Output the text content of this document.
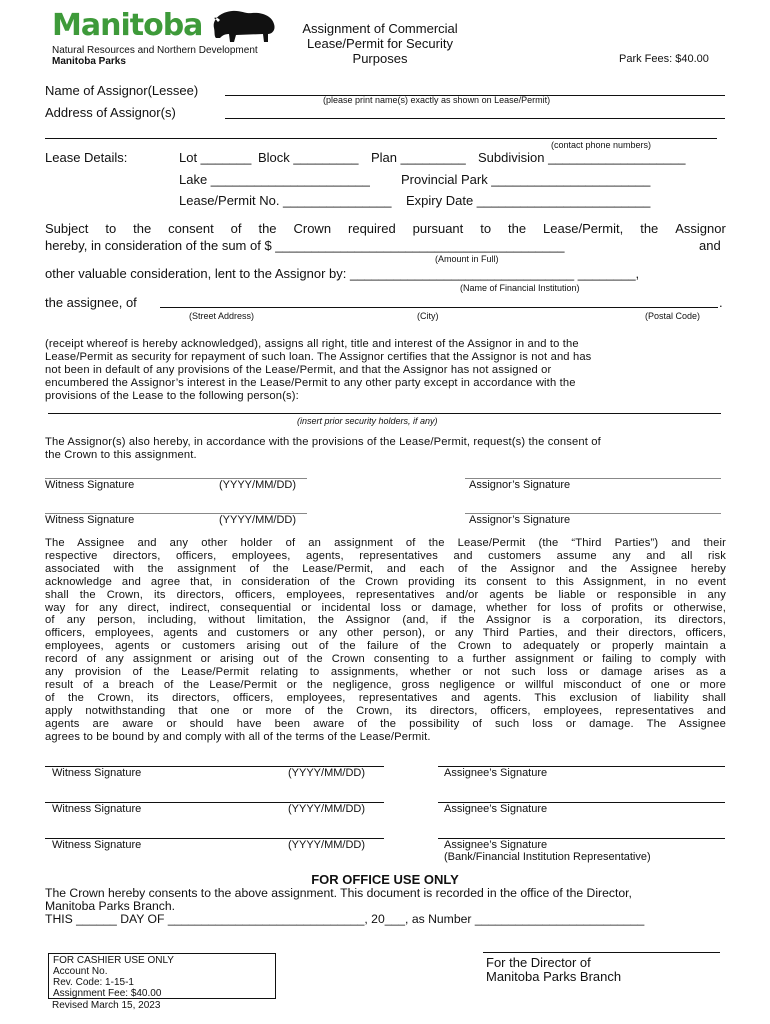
Manitoba
Natural Resources and Northern Development
Manitoba Parks
Assignment of Commercial
Lease/Permit for Security
Purposes	Park Fees: $40.00
Name of Assignor(Lessee)
(please print name(s) exactly as shown on Lease/Permit)
Address of Assignor(s)
(contact phone numbers)
Lease Details:	Lot _______ Block _________ Plan _________ Subdivision ___________________
Lake ______________________ Provincial Park ______________________
Lease/Permit No. _______________ Expiry Date ________________________
Subject to the consent of the Crown required pursuant to the Lease/Permit, the Assignor
hereby, in consideration of the sum of $ ________________________________________	and
(Amount in Full)
other valuable consideration, lent to the Assignor by: _______________________________ ________,
(Name of Financial Institution)
the assignee, of	.
(Street Address)	(City)	(Postal Code)
(receipt whereof is hereby acknowledged), assigns all right, title and interest of the Assignor in and to the
Lease/Permit as security for repayment of such loan. The Assignor certifies that the Assignor is not and has
not been in default of any provisions of the Lease/Permit, and that the Assignor has not assigned or
encumbered the Assignor’s interest in the Lease/Permit to any other party except in accordance with the
provisions of the Lease to the following person(s):
(insert prior security holders, if any)
The Assignor(s) also hereby, in accordance with the provisions of the Lease/Permit, request(s) the consent of
the Crown to this assignment.
Witness Signature	(YYYY/MM/DD)	Assignor’s Signature
Witness Signature	(YYYY/MM/DD)	Assignor’s Signature
The Assignee and any other holder of an assignment of the Lease/Permit (the “Third Parties”) and their
respective directors, officers, employees, agents, representatives and customers assume any and all risk
associated with the assignment of the Lease/Permit, and each of the Assignor and the Assignee hereby
acknowledge and agree that, in consideration of the Crown providing its consent to this Assignment, in no event
shall the Crown, its directors, officers, employees, representatives and/or agents be liable or responsible in any
way for any direct, indirect, consequential or incidental loss or damage, whether for loss of profits or otherwise,
of any person, including, without limitation, the Assignor (and, if the Assignor is a corporation, its directors,
officers, employees, agents and customers or any other person), or any Third Parties, and their directors, officers,
employees, agents or customers arising out of the failure of the Crown to adequately or properly maintain a
record of any assignment or arising out of the Crown consenting to a further assignment or failing to comply with
any provision of the Lease/Permit relating to assignments, whether or not such loss or damage arises as a
result of a breach of the Lease/Permit or the negligence, gross negligence or willful misconduct of one or more
of the Crown, its directors, officers, employees, representatives and agents. This exclusion of liability shall
apply notwithstanding that one or more of the Crown, its directors, officers, employees, representatives and
agents are aware or should have been aware of the possibility of such loss or damage. The Assignee
agrees to be bound by and comply with all of the terms of the Lease/Permit.
Witness Signature	(YYYY/MM/DD)	Assignee’s Signature
Witness Signature	(YYYY/MM/DD)	Assignee’s Signature
Witness Signature	(YYYY/MM/DD)	Assignee’s Signature
(Bank/Financial Institution Representative)
FOR OFFICE USE ONLY
The Crown hereby consents to the above assignment. This document is recorded in the office of the Director,
Manitoba Parks Branch.
THIS ______ DAY OF _____________________________, 20___, as Number _________________________
FOR CASHIER USE ONLY
Account No.
Rev. Code: 1-15-1
Assignment Fee: $40.00
Revised March 15, 2023
For the Director of
Manitoba Parks Branch
